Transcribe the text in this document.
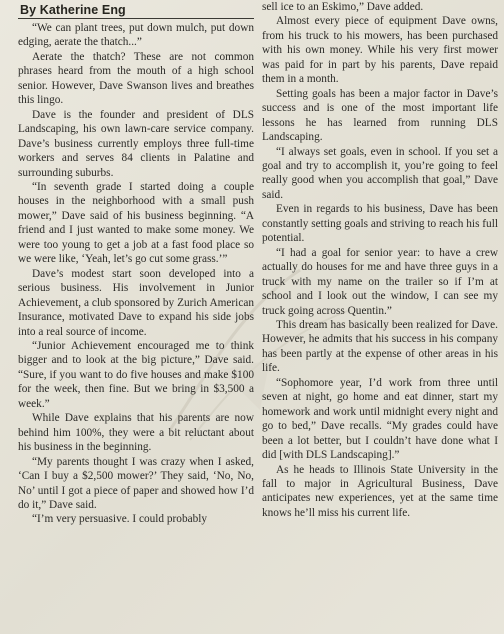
By Katherine Eng

“We can plant trees, put down mulch, put down edging, aerate the thatch...”

Aerate the thatch? These are not common phrases heard from the mouth of a high school senior. However, Dave Swanson lives and breathes this lingo.

Dave is the founder and president of DLS Landscaping, his own lawn-care service company. Dave’s business currently employs three full-time workers and serves 84 clients in Palatine and surrounding suburbs.

“In seventh grade I started doing a couple houses in the neighborhood with a small push mower,” Dave said of his business beginning. “A friend and I just wanted to make some money. We were too young to get a job at a fast food place so we were like, ‘Yeah, let’s go cut some grass.’”

Dave’s modest start soon developed into a serious business. His involvement in Junior Achievement, a club sponsored by Zurich American Insurance, motivated Dave to expand his side jobs into a real source of income.

“Junior Achievement encouraged me to think bigger and to look at the big picture,” Dave said. “Sure, if you want to do five houses and make $100 for the week, then fine. But we bring in $3,500 a week.”

While Dave explains that his parents are now behind him 100%, they were a bit reluctant about his business in the beginning.

“My parents thought I was crazy when I asked, ‘Can I buy a $2,500 mower?’ They said, ‘No, No, No’ until I got a piece of paper and showed how I’d do it,” Dave said.

“I’m very persuasive. I could probably

sell ice to an Eskimo,” Dave added.

Almost every piece of equipment Dave owns, from his truck to his mowers, has been purchased with his own money. While his very first mower was paid for in part by his parents, Dave repaid them in a month.

Setting goals has been a major factor in Dave’s success and is one of the most important life lessons he has learned from running DLS Landscaping.

“I always set goals, even in school. If you set a goal and try to accomplish it, you’re going to feel really good when you accomplish that goal,” Dave said.

Even in regards to his business, Dave has been constantly setting goals and striving to reach his full potential.

“I had a goal for senior year: to have a crew actually do houses for me and have three guys in a truck with my name on the trailer so if I’m at school and I look out the window, I can see my truck going across Quentin.”

This dream has basically been realized for Dave. However, he admits that his success in his company has been partly at the expense of other areas in his life.

“Sophomore year, I’d work from three until seven at night, go home and eat dinner, start my homework and work until midnight every night and go to bed,” Dave recalls. “My grades could have been a lot better, but I couldn’t have done what I did [with DLS Landscaping].”

As he heads to Illinois State University in the fall to major in Agricultural Business, Dave anticipates new experiences, yet at the same time knows he’ll miss his current life.
